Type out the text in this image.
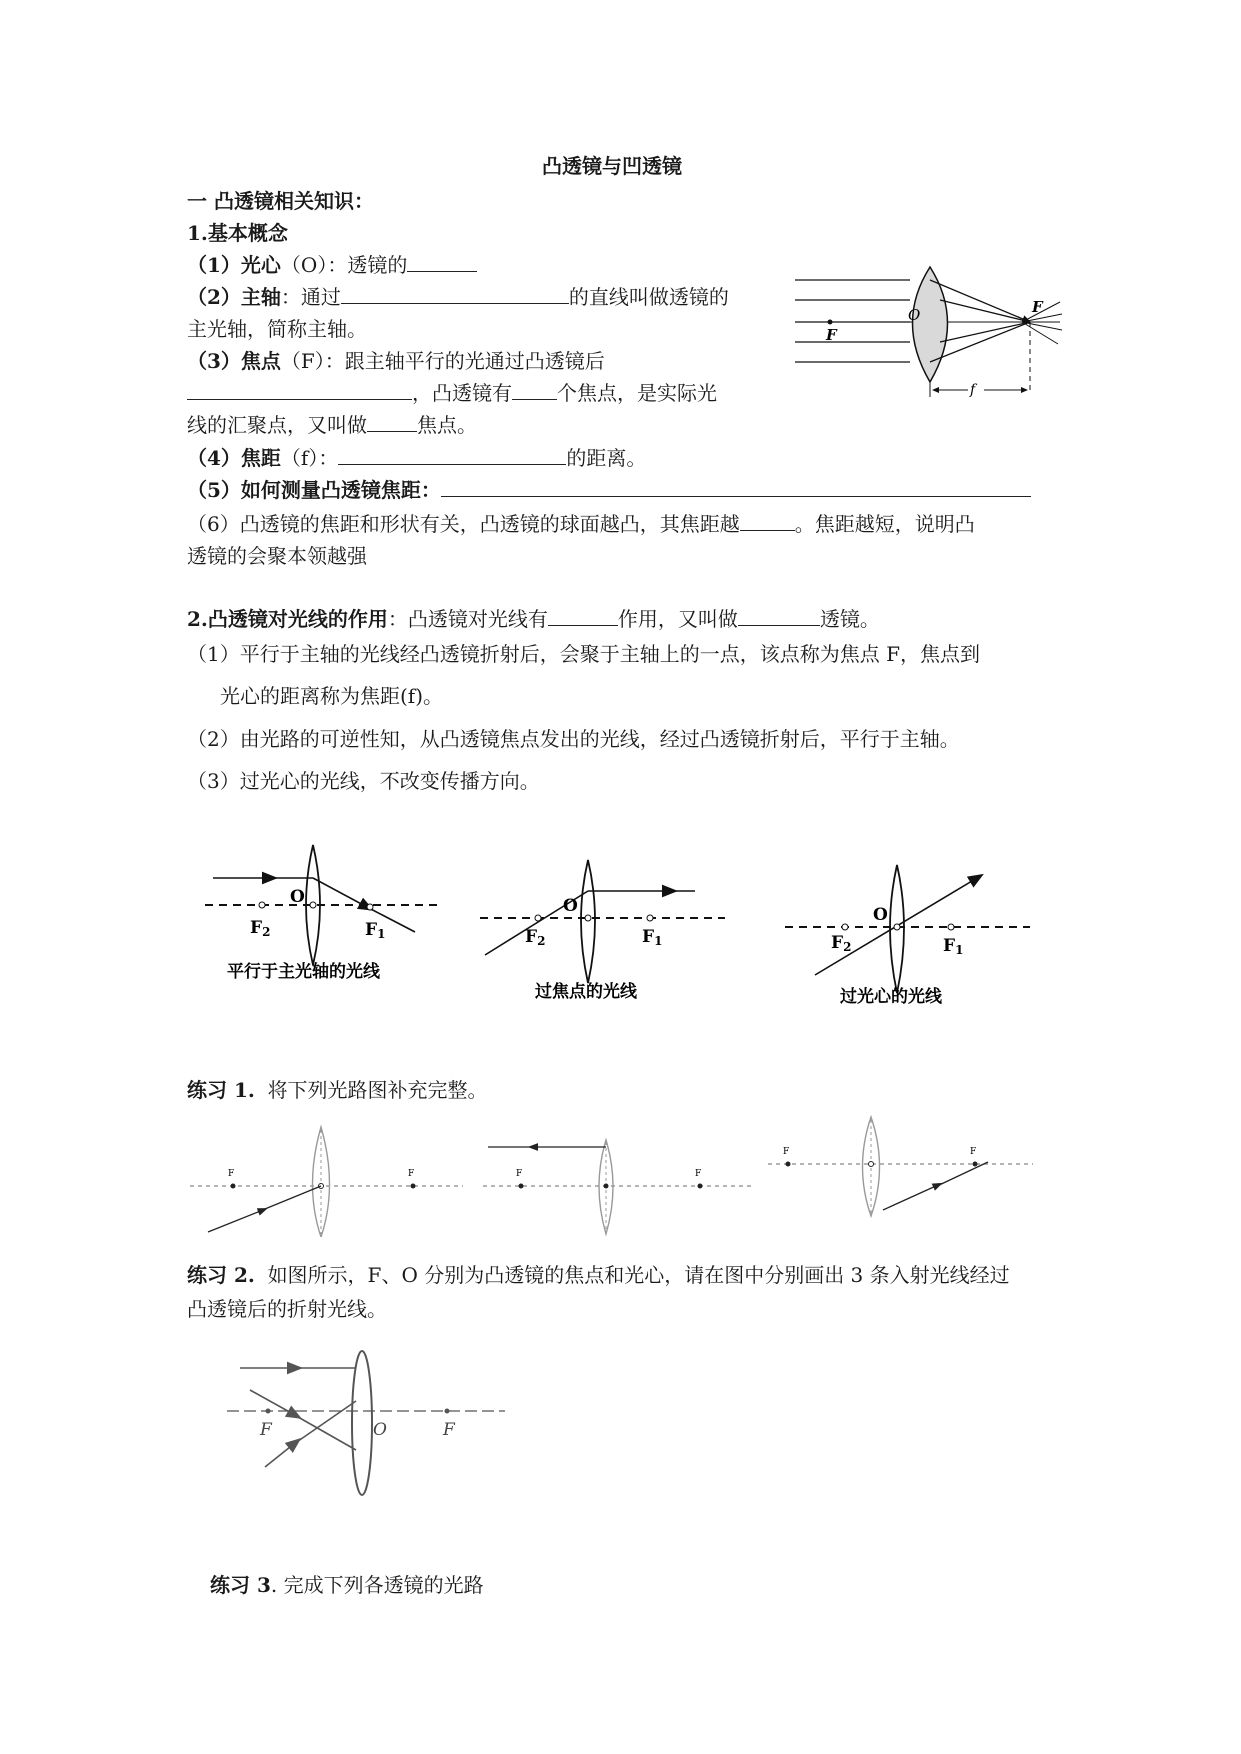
凸透镜与凹透镜
一 凸透镜相关知识：
1.基本概念
（1）光心（O）：透镜的
（2）主轴：通过	的直线叫做透镜的
主光轴，简称主轴。
（3）焦点（F）：跟主轴平行的光通过凸透镜后
，凸透镜有 个焦点，是实际光
线的汇聚点，又叫做	焦点。
（4）焦距（f）：	的距离。
（5）如何测量凸透镜焦距：
（6）凸透镜的焦距和形状有关，凸透镜的球面越凸，其焦距越	。焦距越短，说明凸
透镜的会聚本领越强
O	F
F
f
2.凸透镜对光线的作用：凸透镜对光线有	作用，又叫做	透镜。
（1）平行于主轴的光线经凸透镜折射后，会聚于主轴上的一点，该点称为焦点 F，焦点到
光心的距离称为焦距(f)。
（2）由光路的可逆性知，从凸透镜焦点发出的光线，经过凸透镜折射后，平行于主轴。
（3）过光心的光线，不改变传播方向。
O
F2	F1
平行于主光轴的光线
O
F2	F1
过焦点的光线
O
F2	F1
过光心的光线
练习 1. 将下列光路图补充完整。
F	F	F	F
F	F
练习 2. 如图所示，F、O 分别为凸透镜的焦点和光心，请在图中分别画出 3 条入射光线经过
凸透镜后的折射光线。
F	F
O
练习 3. 完成下列各透镜的光路
